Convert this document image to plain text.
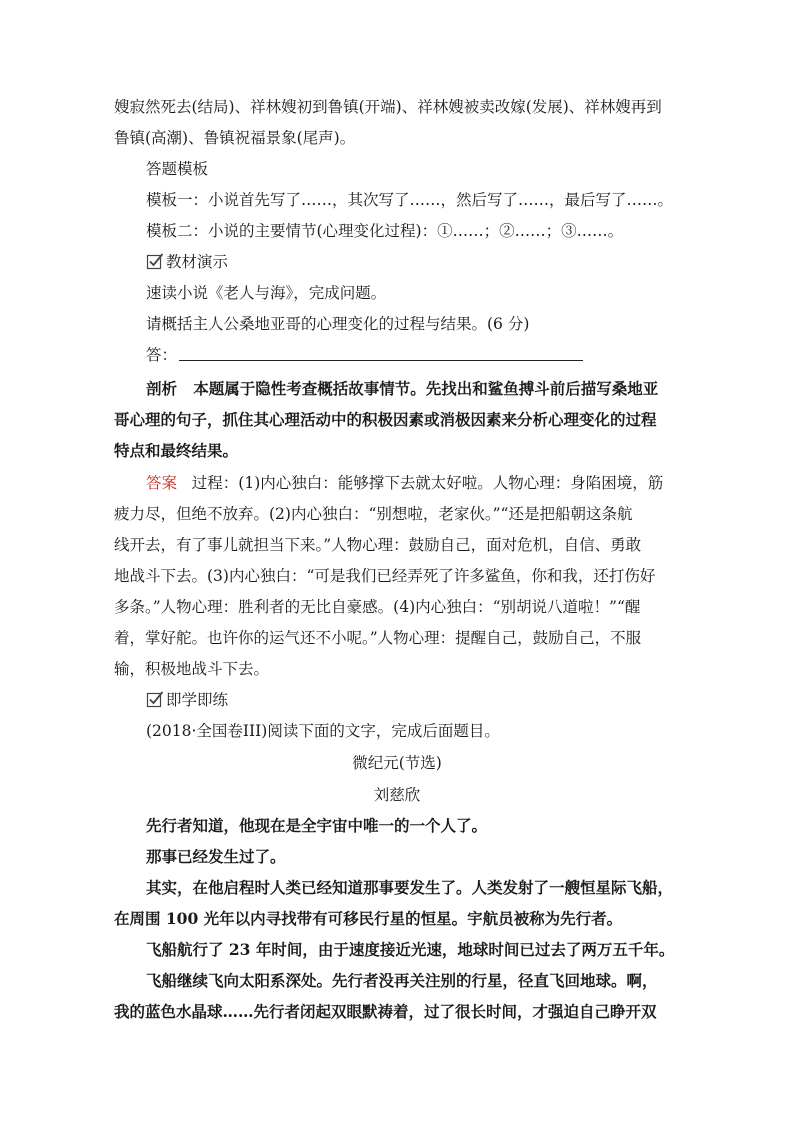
嫂寂然死去(结局)、祥林嫂初到鲁镇(开端)、祥林嫂被卖改嫁(发展)、祥林嫂再到
鲁镇(高潮)、鲁镇祝福景象(尾声)。
答题模板
模板一：小说首先写了……，其次写了……，然后写了……，最后写了……。
模板二：小说的主要情节(心理变化过程)：①……；②……；③……。
教材演示
速读小说《老人与海》，完成问题。
请概括主人公桑地亚哥的心理变化的过程与结果。(6 分)
答：
剖析 本题属于隐性考查概括故事情节。先找出和鲨鱼搏斗前后描写桑地亚
哥心理的句子，抓住其心理活动中的积极因素或消极因素来分析心理变化的过程
特点和最终结果。
答案 过程：(1)内心独白：能够撑下去就太好啦。人物心理：身陷困境，筋
疲力尽，但绝不放弃。(2)内心独白：“别想啦，老家伙。”“还是把船朝这条航
线开去，有了事儿就担当下来。”人物心理：鼓励自己，面对危机，自信、勇敢
地战斗下去。(3)内心独白：“可是我们已经弄死了许多鲨鱼，你和我，还打伤好
多条。”人物心理：胜利者的无比自豪感。(4)内心独白：“别胡说八道啦！”“醒
着，掌好舵。也许你的运气还不小呢。”人物心理：提醒自己，鼓励自己，不服
输，积极地战斗下去。
即学即练
(2018·全国卷III)阅读下面的文字，完成后面题目。
微纪元(节选)
刘慈欣
先行者知道，他现在是全宇宙中唯一的一个人了。
那事已经发生过了。
其实，在他启程时人类已经知道那事要发生了。人类发射了一艘恒星际飞船，
在周围 100 光年以内寻找带有可移民行星的恒星。宇航员被称为先行者。
飞船航行了 23 年时间，由于速度接近光速，地球时间已过去了两万五千年。
飞船继续飞向太阳系深处。先行者没再关注别的行星，径直飞回地球。啊，
我的蓝色水晶球……先行者闭起双眼默祷着，过了很长时间，才强迫自己睁开双
